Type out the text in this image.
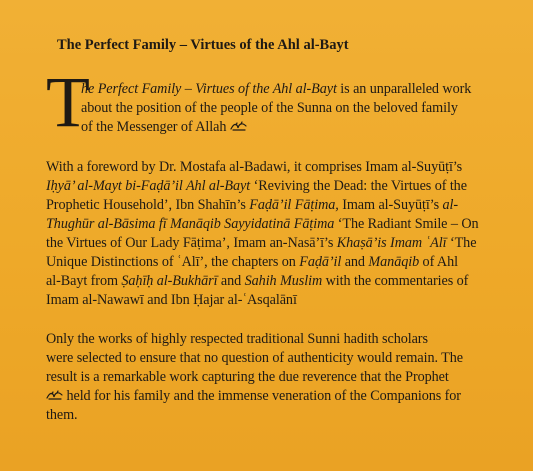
The Perfect Family – Virtues of the Ahl al-Bayt
T
he Perfect Family – Virtues of the Ahl al-Bayt is an unparalleled work
about the position of the people of the Sunna on the beloved family
of the Messenger of Allah
With a foreword by Dr. Mostafa al-Badawi, it comprises Imam al-Suyūṭī’s
Iḥyā’ al-Mayt bi-Faḍā’il Ahl al-Bayt ‘Reviving the Dead: the Virtues of the
Prophetic Household’, Ibn Shahīn’s Faḍā’il Fāṭima, Imam al-Suyūṭī’s al-
Thughūr al-Bāsima fī Manāqib Sayyidatinā Fāṭima ‘The Radiant Smile – On
the Virtues of Our Lady Fāṭima’, Imam an-Nasā’ī’s Khaṣā’is Imam ʿAlī ‘The
Unique Distinctions of ʿAlī’, the chapters on Faḍā’il and Manāqib of Ahl
al-Bayt from Ṣaḥīḥ al-Bukhārī and Sahih Muslim with the commentaries of
Imam al-Nawawī and Ibn Ḥajar al-ʿAsqalānī
Only the works of highly respected traditional Sunni hadith scholars
were selected to ensure that no question of authenticity would remain. The
result is a remarkable work capturing the due reverence that the Prophet
held for his family and the immense veneration of the Companions for
them.
